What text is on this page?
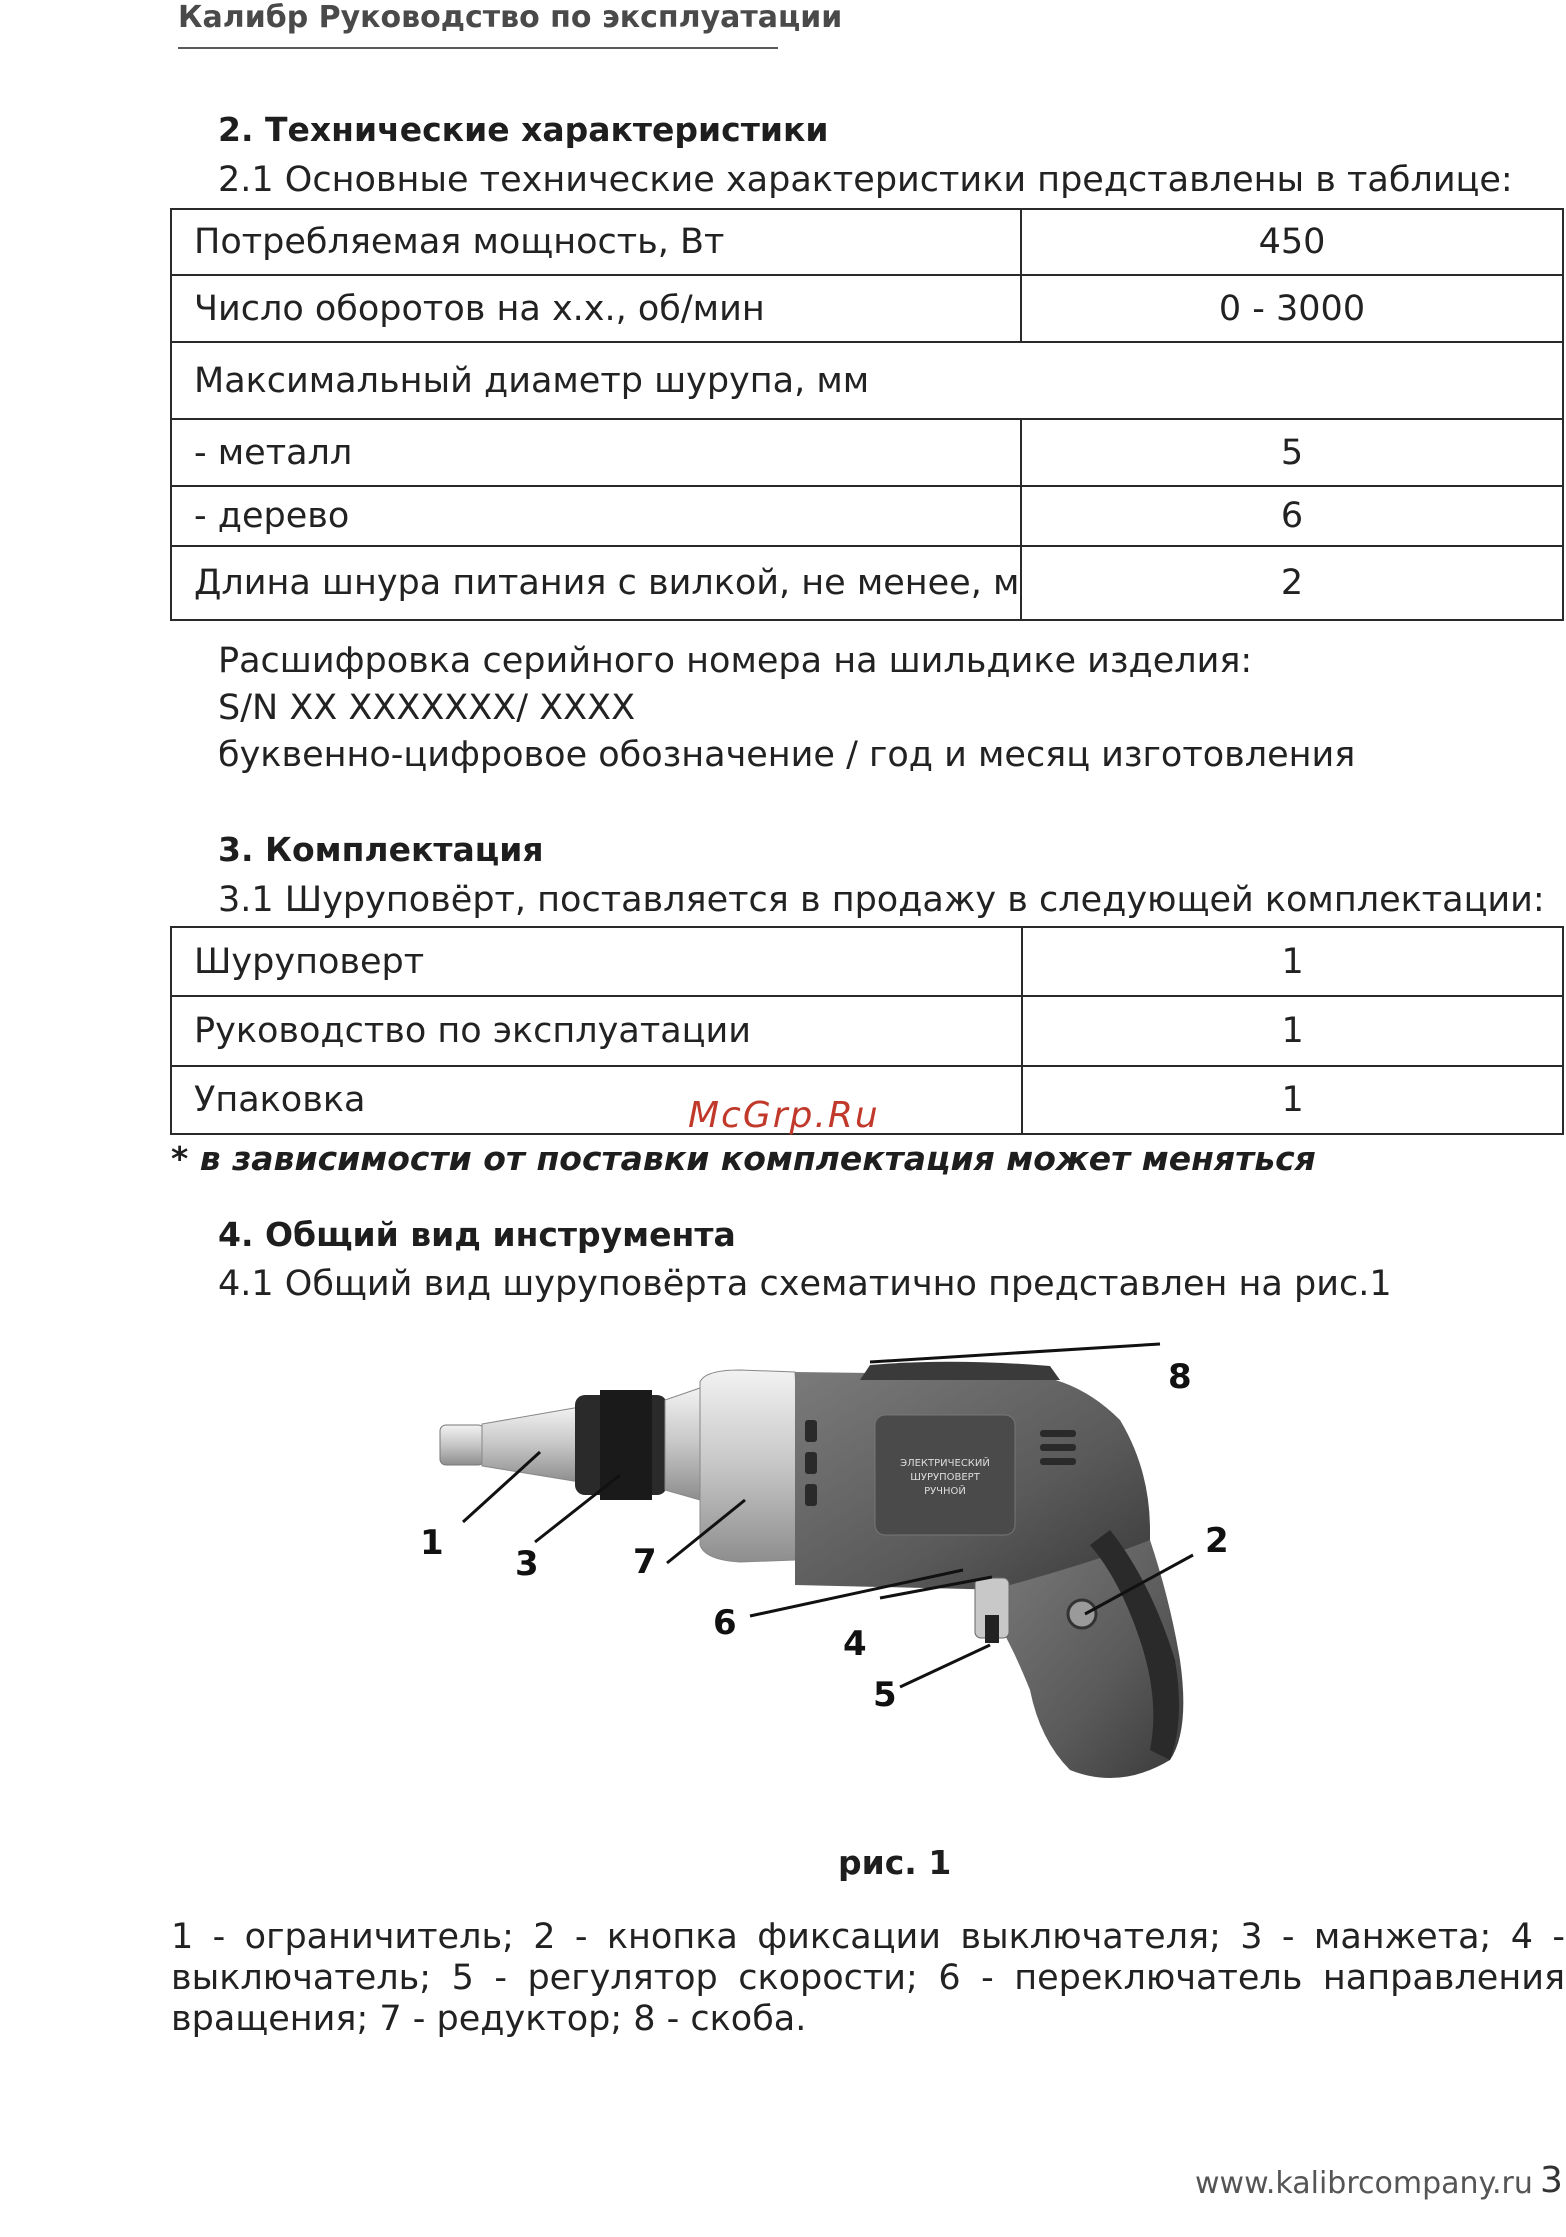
Калибр Руководство по эксплуатации
2. Технические характеристики
2.1 Основные технические характеристики представлены в таблице:
Потребляемая мощность, Вт	450
Число оборотов на х.х., об/мин	0 - 3000
Максимальный диаметр шурупа, мм	
- металл	5
- дерево	6
Длина шнура питания с вилкой, не менее, м	2
Расшифровка серийного номера на шильдике изделия:
S/N XX XXXXXXX/ XXXX
буквенно-цифровое обозначение / год и месяц изготовления
3. Комплектация
3.1 Шуруповёрт, поставляется в продажу в следующей комплектации:
Шуруповерт	1
Руководство по эксплуатации	1
Упаковка	1
McGrp.Ru
* в зависимости от поставки комплектация может меняться
4. Общий вид инструмента
4.1 Общий вид шуруповёрта схематично представлен на рис.1
ЭЛЕКТРИЧЕСКИЙ ШУРУПОВЕРТ РУЧНОЙ
1	2
3
4
5
6
7
8
рис. 1
1 - ограничитель; 2 - кнопка фиксации выключателя; 3 - манжета; 4 - выключатель; 5 - регулятор скорости; 6 - переключатель направления вращения; 7 - редуктор; 8 - скоба.
www.kalibrcompany.ru 3
